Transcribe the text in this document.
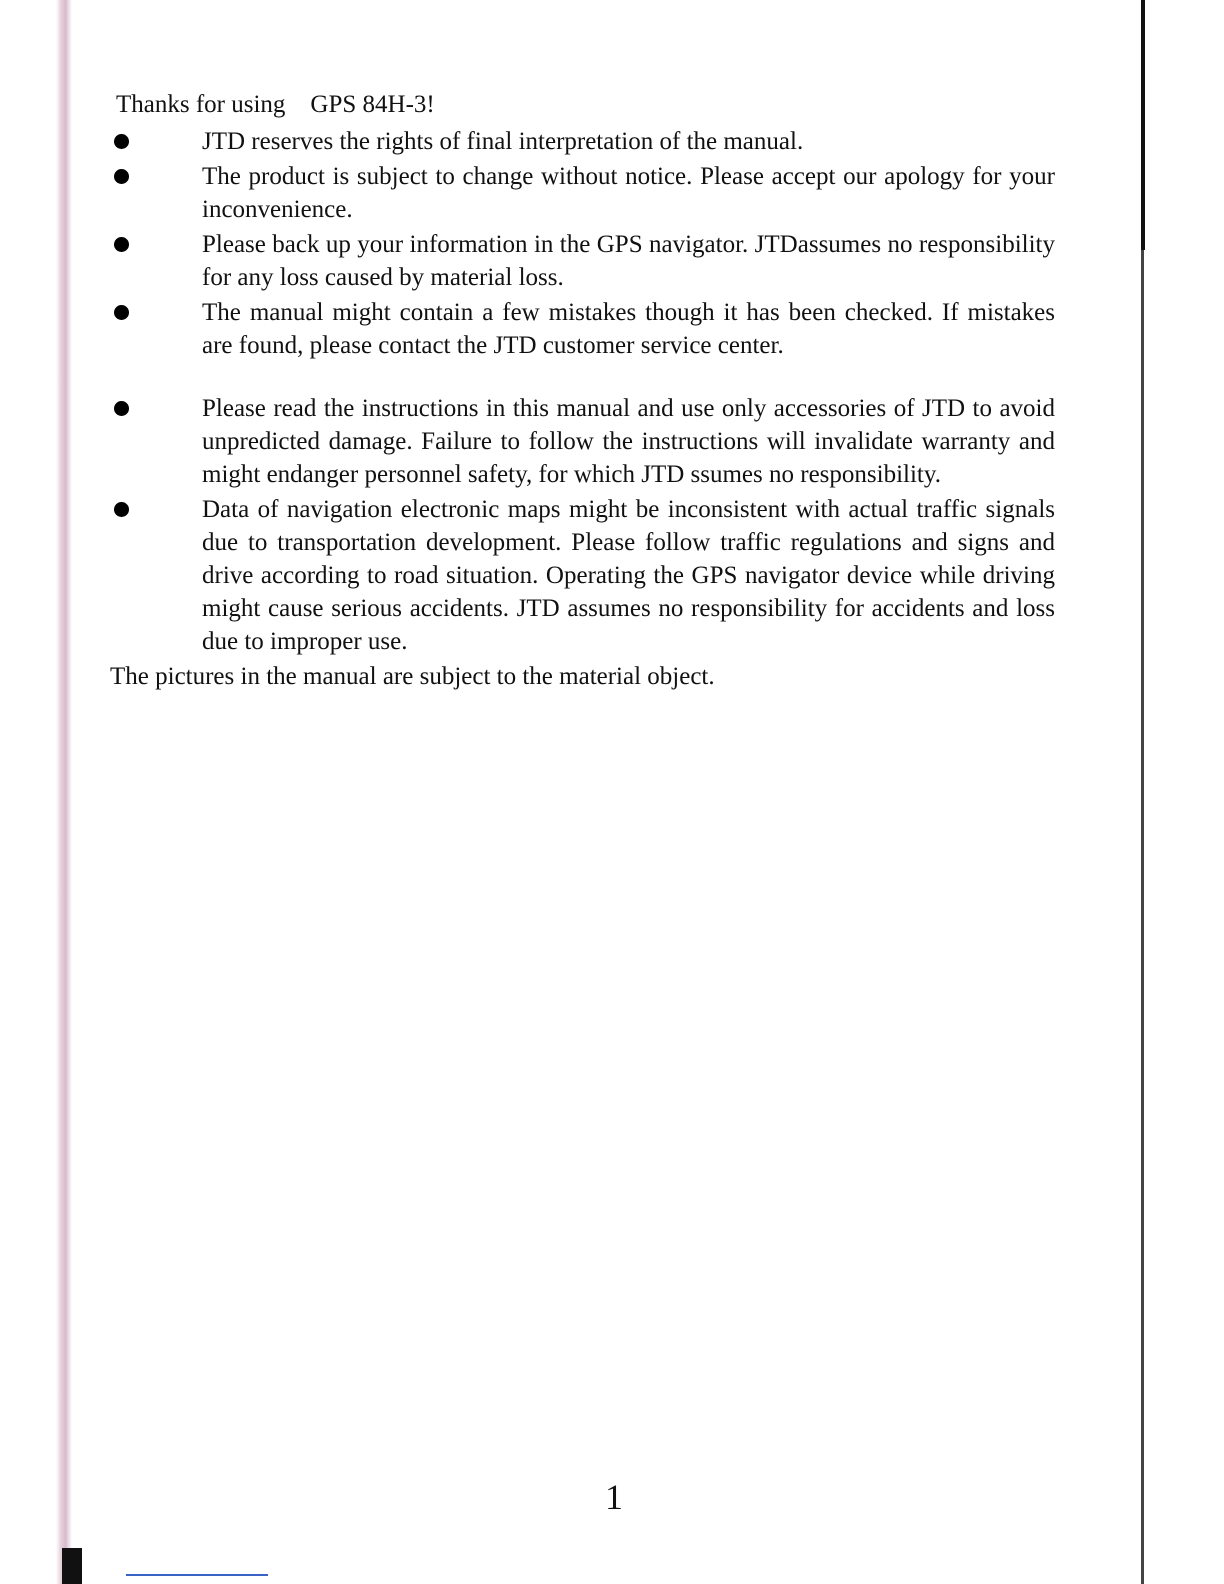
Thanks for using    GPS 84H-3!

JTD reserves the rights of final interpretation of the manual.
The product is subject to change without notice. Please accept our apology for your inconvenience.
Please back up your information in the GPS navigator. JTDassumes no responsibility for any loss caused by material loss.
The manual might contain a few mistakes though it has been checked. If mistakes are found, please contact the JTD customer service center.
Please read the instructions in this manual and use only accessories of JTD to avoid unpredicted damage. Failure to follow the instructions will invalidate warranty and might endanger personnel safety, for which JTD ssumes no responsibility.
Data of navigation electronic maps might be inconsistent with actual traffic signals due to transportation development. Please follow traffic regulations and signs and drive according to road situation. Operating the GPS navigator device while driving might cause serious accidents. JTD assumes no responsibility for accidents and loss due to improper use.

The pictures in the manual are subject to the material object.

1
